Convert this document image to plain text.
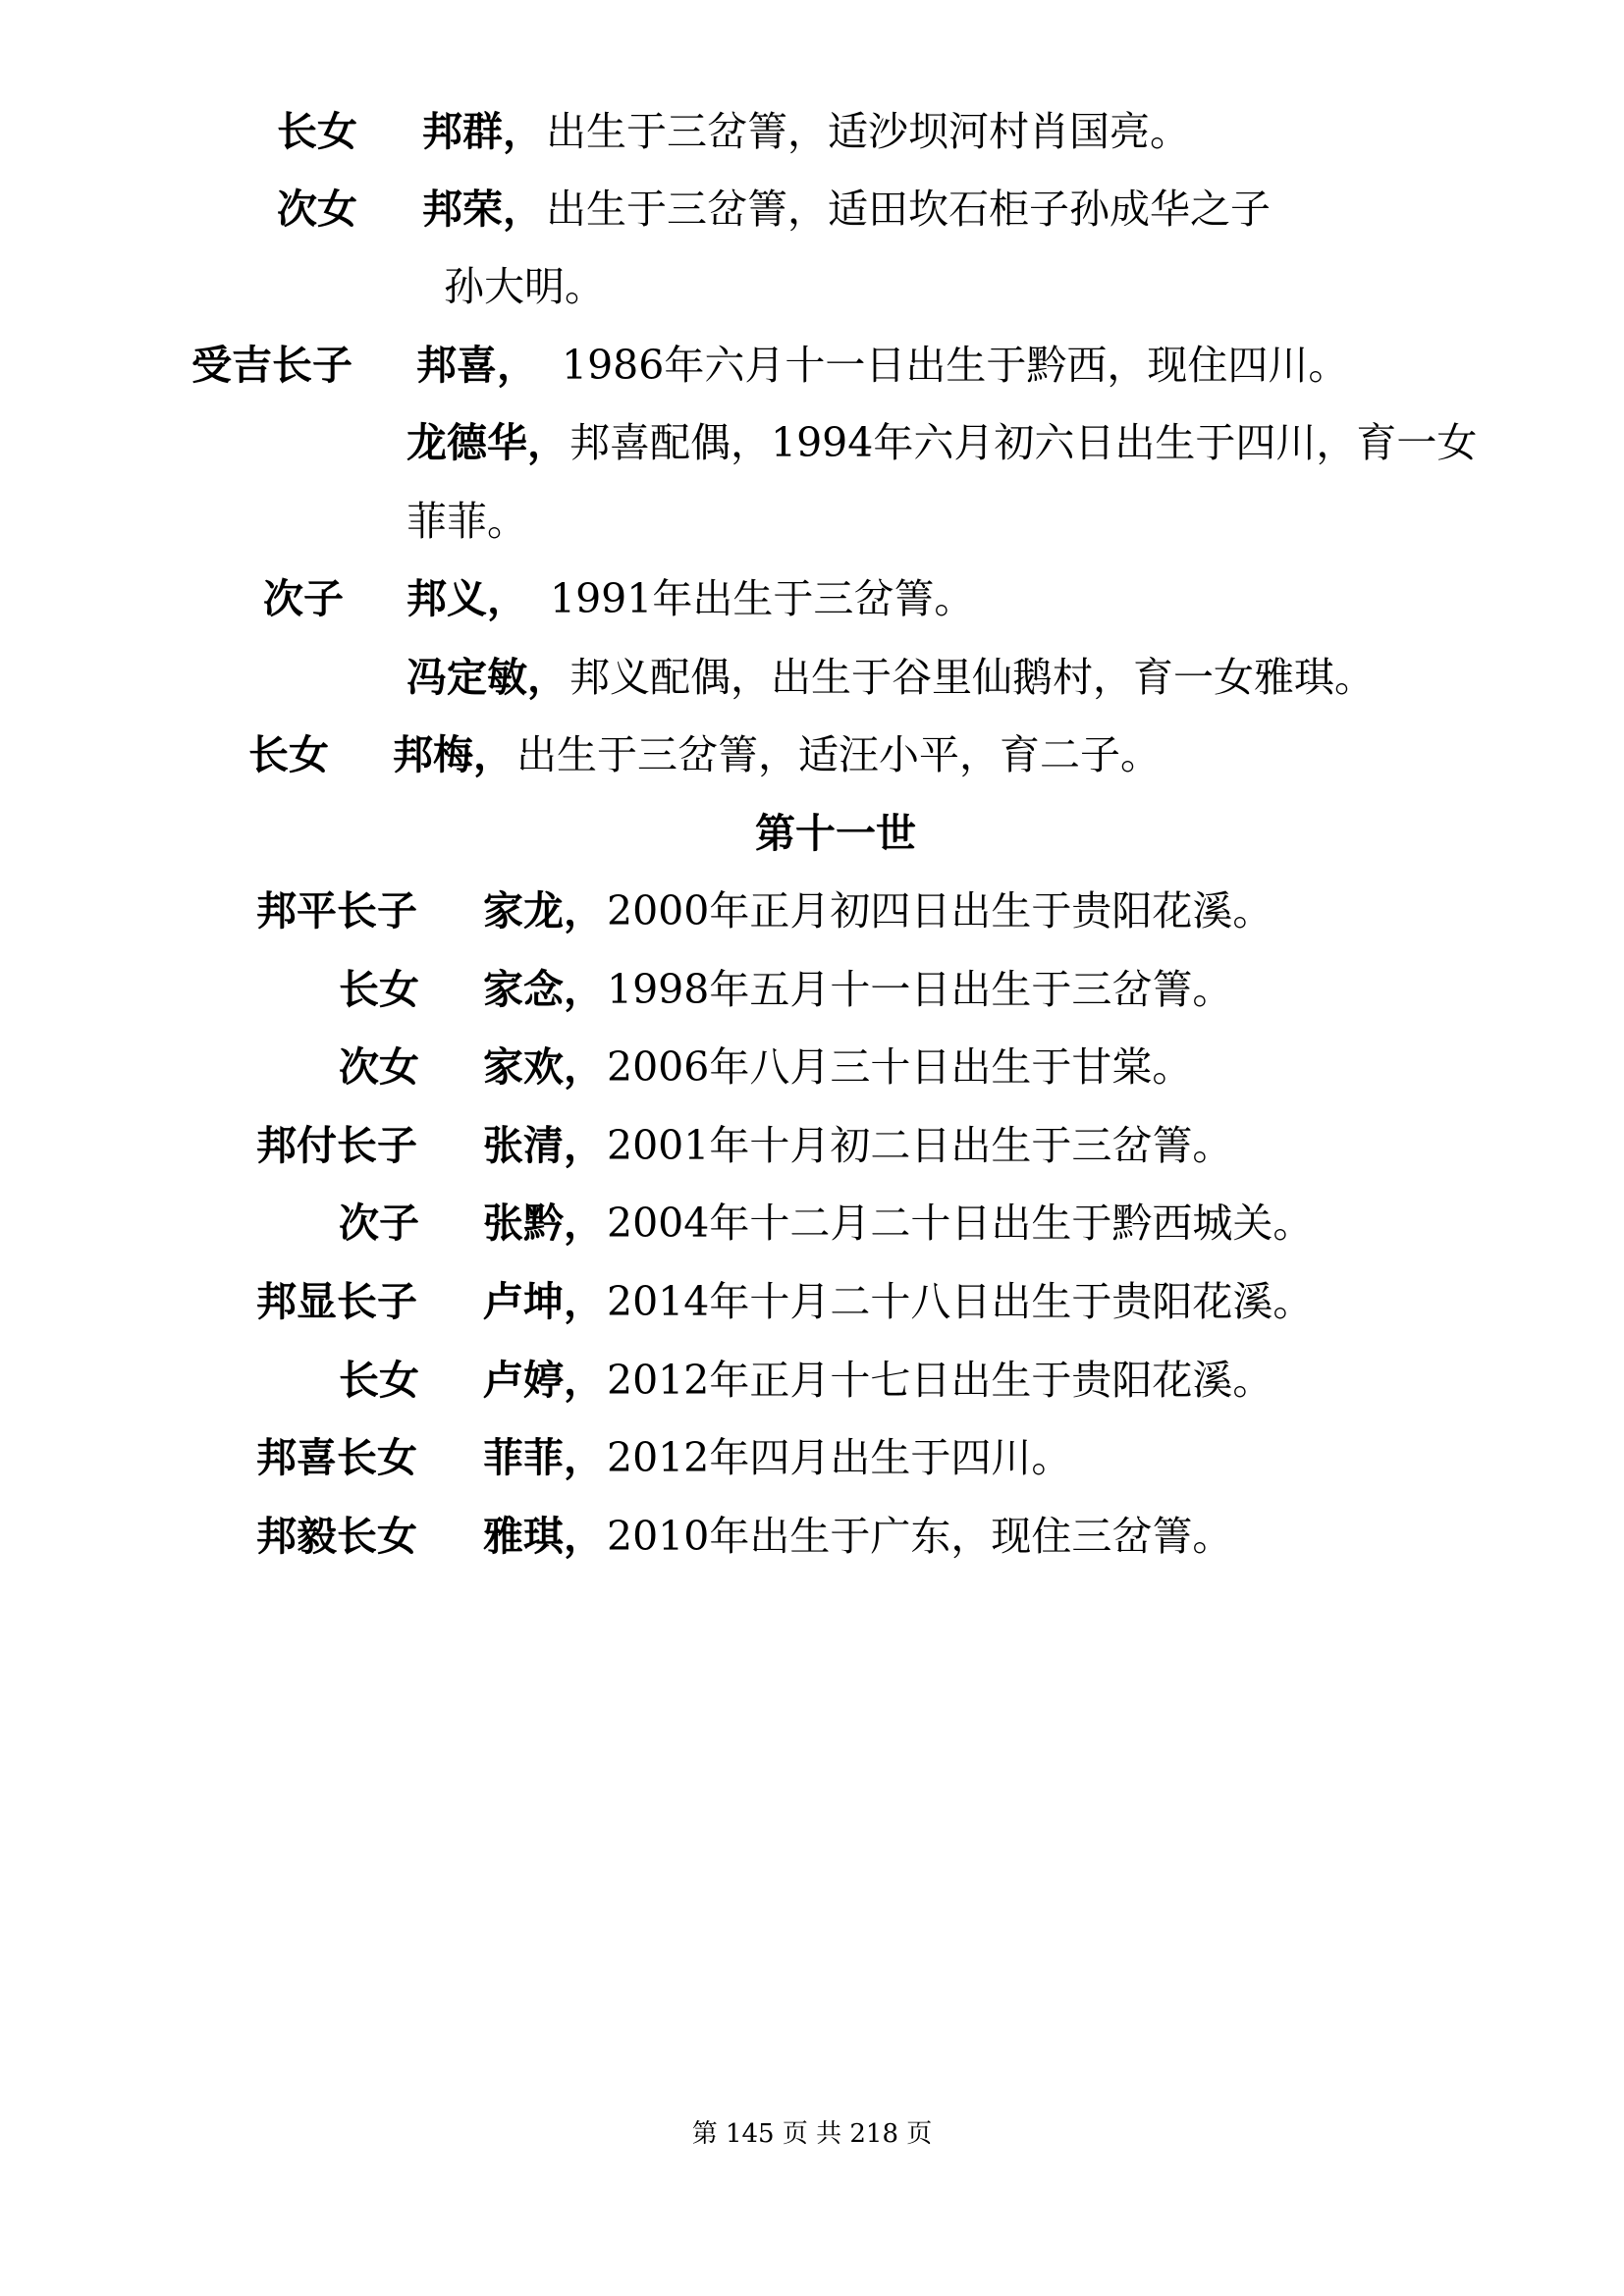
长女 邦群， 出生于三岔箐，适沙坝河村肖国亮。
次女 邦荣， 出生于三岔箐，适田坎石柜子孙成华之子
孙大明。
受吉长子 邦喜， 1986年六月十一日出生于黔西，现住四川。
龙德华， 邦喜配偶，1994年六月初六日出生于四川，育一女
菲菲。
次子 邦义， 1991年出生于三岔箐。
冯定敏， 邦义配偶，出生于谷里仙鹅村，育一女雅琪。
长女 邦梅， 出生于三岔箐，适汪小平，育二子。
第十一世
邦平长子 家龙， 2000年正月初四日出生于贵阳花溪。
长女 家念， 1998年五月十一日出生于三岔箐。
次女 家欢， 2006年八月三十日出生于甘棠。
邦付长子 张清， 2001年十月初二日出生于三岔箐。
次子 张黔， 2004年十二月二十日出生于黔西城关。
邦显长子 卢坤， 2014年十月二十八日出生于贵阳花溪。
长女 卢婷， 2012年正月十七日出生于贵阳花溪。
邦喜长女 菲菲， 2012年四月出生于四川。
邦毅长女 雅琪， 2010年出生于广东，现住三岔箐。
第 145 页 共 218 页
